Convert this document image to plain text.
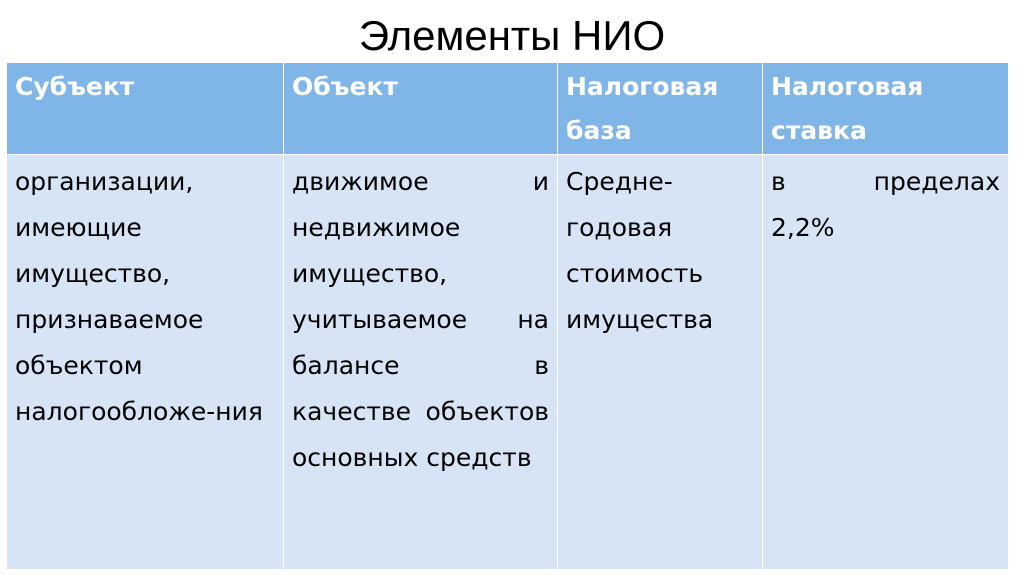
Элементы НИО
Субъект	Объект	Налоговая база	Налоговая ставка

организации, имеющие имущество, признаваемое объектом налогообложе-ния	движимое и недвижимое имущество, учитываемое на балансе в качестве объектов основных средств	Средне-годовая стоимость имущества	в пределах
2,2%
